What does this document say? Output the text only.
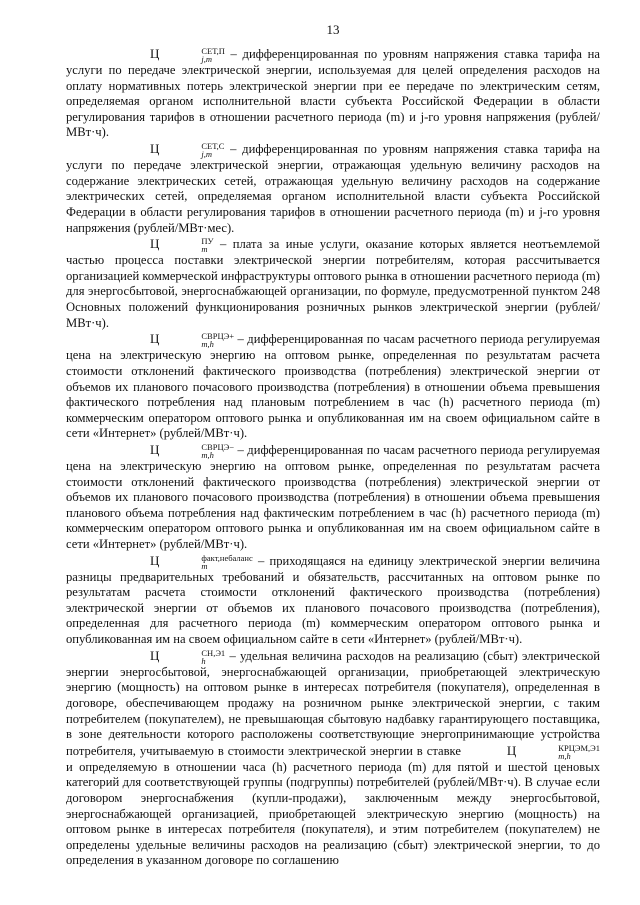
13

Ц	СЕТ,П
j,m	– дифференцированная по уровням напряжения ставка тарифа на услуги по передаче электрической энергии, используемая для целей определения расходов на оплату нормативных потерь электрической энергии при ее передаче по электрическим сетям, определяемая органом исполнительной власти субъекта Российской Федерации в области регулирования тарифов в отношении расчетного периода (m) и j-го уровня напряжения (рублей/МВт·ч).

Ц	СЕТ,С
j,m – дифференцированная по уровням напряжения ставка тарифа на услуги по передаче электрической энергии, отражающая удельную величину расходов на содержание электрических сетей, отражающая удельную величину расходов на содержание электрических сетей, определяемая органом исполнительной власти субъекта Российской Федерации в области регулирования тарифов в отношении расчетного периода (m) и j-го уровня напряжения (рублей/МВт·мес).

Ц	ПУ
m – плата за иные услуги, оказание которых является неотъемлемой частью процесса поставки электрической энергии потребителям, которая рассчитывается организацией коммерческой инфраструктуры оптового рынка в отношении расчетного периода (m) для энергосбытовой, энергоснабжающей организации, по формуле, предусмотренной пунктом 248 Основных положений функционирования розничных рынков электрической энергии (рублей/МВт·ч).

Ц	СВРЦЭ+
m,h	– дифференцированная по часам расчетного периода регулируемая цена на электрическую энергию на оптовом рынке, определенная по результатам расчета стоимости отклонений фактического производства (потребления) электрической энергии от объемов их планового почасового производства (потребления) в отношении объема превышения фактического потребления над плановым потреблением в час (h) расчетного периода (m) коммерческим оператором оптового рынка и опубликованная им на своем официальном сайте в сети «Интернет» (рублей/МВт·ч).

Ц	СВРЦЭ−
m,h	– дифференцированная по часам расчетного периода регулируемая цена на электрическую энергию на оптовом рынке, определенная по результатам расчета стоимости отклонений фактического производства (потребления) электрической энергии от объемов их планового почасового производства (потребления) в отношении объема превышения планового объема потребления над фактическим потреблением в час (h) расчетного периода (m) коммерческим оператором оптового рынка и опубликованная им на своем официальном сайте в сети «Интернет» (рублей/МВт·ч).

Ц	факт,небаланс
m	– приходящаяся на единицу электрической энергии величина разницы предварительных требований и обязательств, рассчитанных на оптовом рынке по результатам расчета стоимости отклонений фактического производства (потребления) электрической энергии от объемов их планового почасового производства (потребления), определенная для расчетного периода (m) коммерческим оператором оптового рынка и опубликованная им на своем официальном сайте в сети «Интернет» (рублей/МВт·ч).

Ц	СН,Э1
h	– удельная величина расходов на реализацию (сбыт) электрической энергии энергосбытовой, энергоснабжающей организации, приобретающей электрическую энергию (мощность) на оптовом рынке в интересах потребителя (покупателя), определенная в договоре, обеспечивающем продажу на розничном рынке электрической энергии, с таким потребителем (покупателем), не превышающая сбытовую надбавку гарантирующего поставщика, в зоне деятельности которого расположены соответствующие энергопринимающие устройства потребителя, учитываемую в стоимости электрической энергии в ставке	Ц	КРЦЭМ,Э1
m,h
и определяемую в отношении часа (h) расчетного периода (m) для пятой и шестой ценовых категорий для соответствующей группы (подгруппы) потребителей (рублей/МВт·ч). В случае если договором энергоснабжения (купли-продажи), заключенным между энергосбытовой, энергоснабжающей организацией, приобретающей электрическую энергию (мощность) на оптовом рынке в интересах потребителя (покупателя), и этим потребителем (покупателем) не определены удельные величины расходов на реализацию (сбыт) электрической энергии, то до определения в указанном договоре по соглашению
